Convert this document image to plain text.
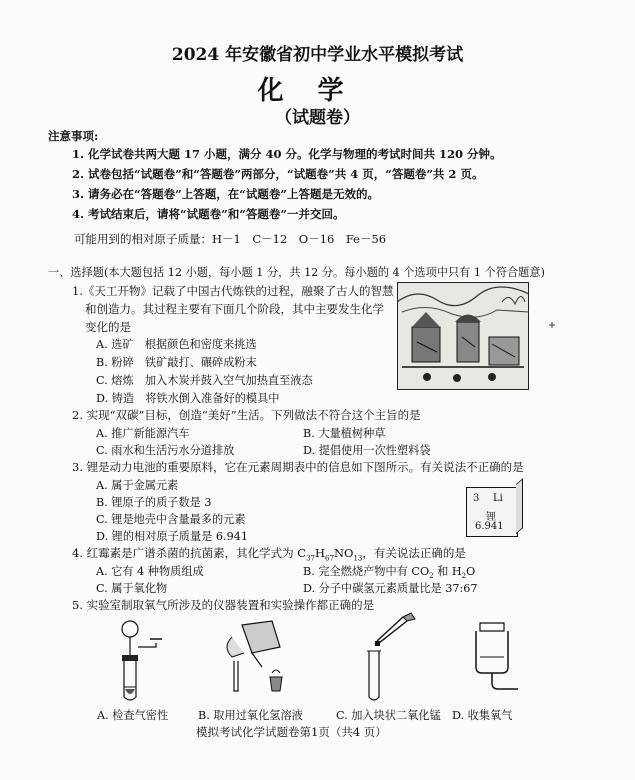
2024 年安徽省初中学业水平模拟考试
化学
（试题卷）
注意事项:
1. 化学试卷共两大题 17 小题，满分 40 分。化学与物理的考试时间共 120 分钟。
2. 试卷包括“试题卷”和“答题卷”两部分，“试题卷”共 4 页，“答题卷”共 2 页。
3. 请务必在“答题卷”上答题，在“试题卷”上答题是无效的。
4. 考试结束后，请将“试题卷”和“答题卷”一并交回。
可能用到的相对原子质量：H－1　C－12　O－16　Fe－56
一、选择题(本大题包括 12 小题，每小题 1 分，共 12 分。每小题的 4 个选项中只有 1 个符合题意)
1.《天工开物》记载了中国古代炼铁的过程，融聚了古人的智慧
和创造力。其过程主要有下面几个阶段，其中主要发生化学
变化的是
A. 选矿　根据颜色和密度来挑选
B. 粉碎　铁矿敲打、碾碎成粉末
C. 熔炼　加入木炭并鼓入空气加热直至液态
D. 铸造　将铁水倒入准备好的模具中
2. 实现“双碳”目标，创造“美好”生活。下列做法不符合这个主旨的是
A. 推广新能源汽车	B. 大量植树种草
C. 雨水和生活污水分道排放	D. 提倡使用一次性塑料袋
3. 锂是动力电池的重要原料，它在元素周期表中的信息如下图所示。有关说法不正确的是
A. 属于金属元素
B. 锂原子的质子数是 3
C. 锂是地壳中含量最多的元素
D. 锂的相对原子质量是 6.941
3 Li
锂
6.941
4. 红霉素是广谱杀菌的抗菌素，其化学式为 $C_{37}H_{67}NO_{13}$，有关说法正确的是
A. 它有 4 种物质组成	B. 完全燃烧产物中有 $CO_2$ 和 $H_2O$
C. 属于氧化物	D. 分子中碳氢元素质量比是 37:67
5. 实验室制取氧气所涉及的仪器装置和实验操作都正确的是
A. 检查气密性	B. 取用过氧化氢溶液	C. 加入块状二氧化锰 D. 收集氧气
模拟考试化学试题卷第1页（共4 页）
